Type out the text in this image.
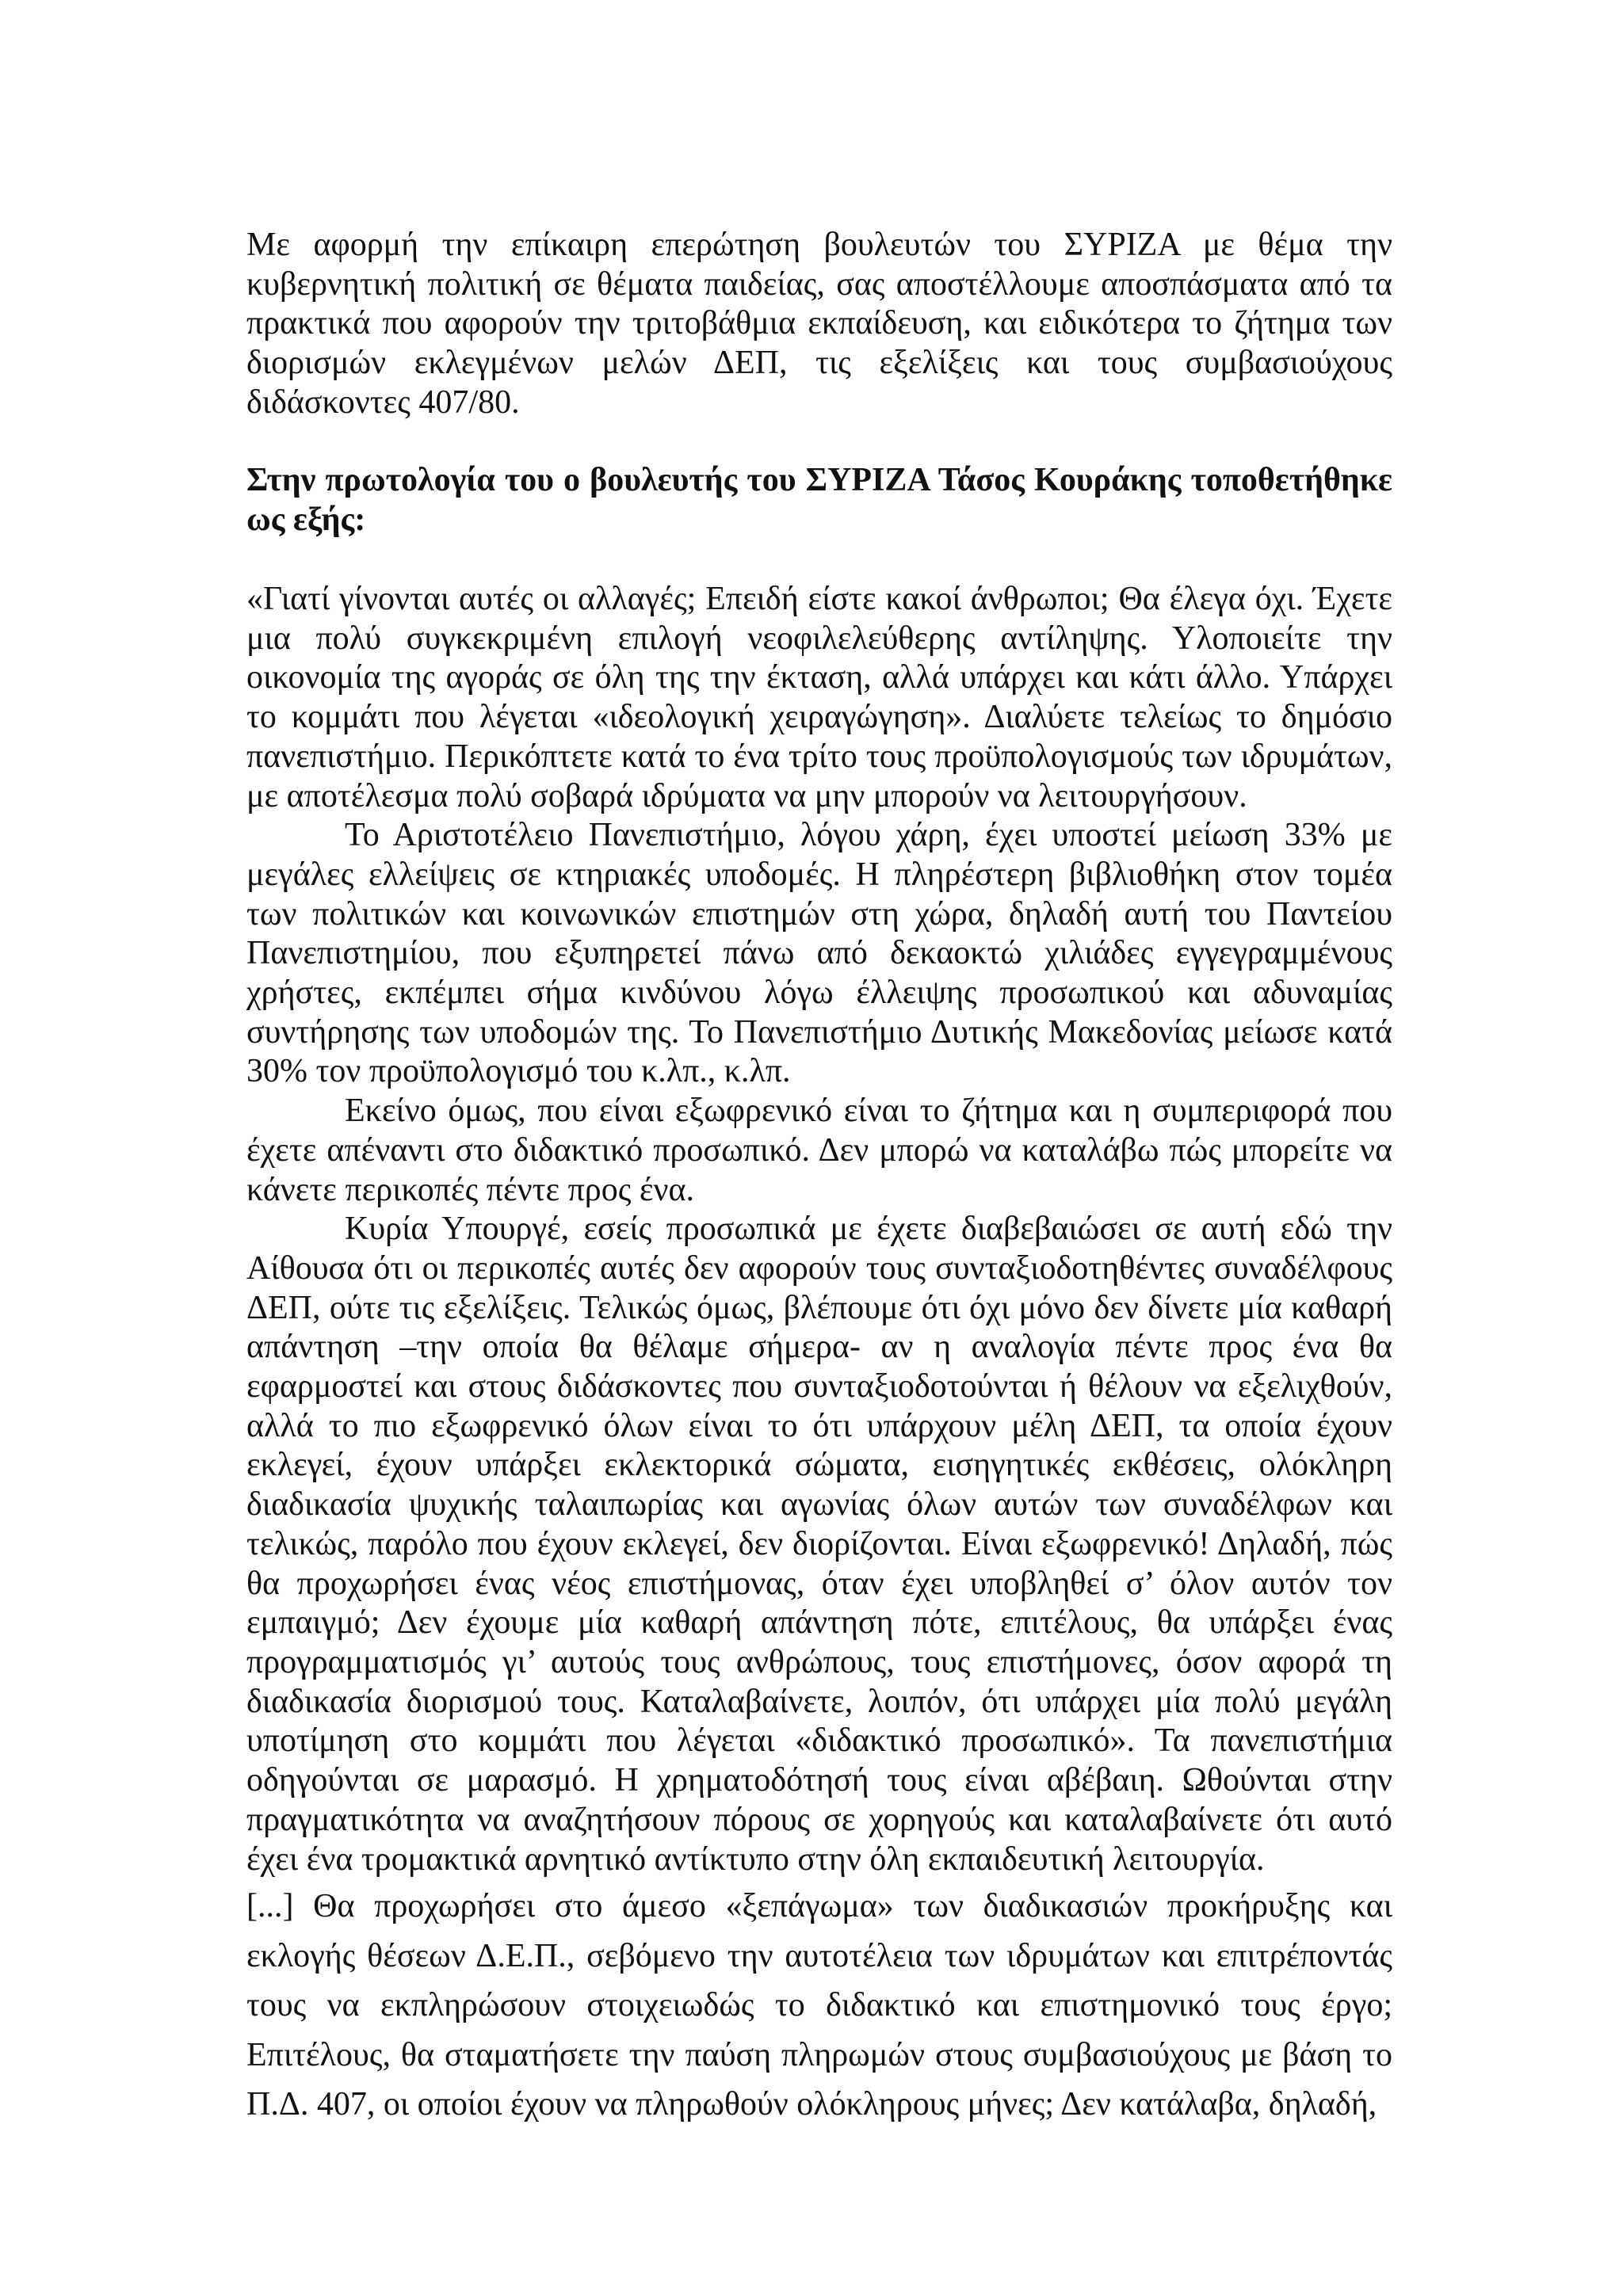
Με αφορμή την επίκαιρη επερώτηση βουλευτών του ΣΥΡΙΖΑ με θέμα την κυβερνητική πολιτική σε θέματα παιδείας, σας αποστέλλουμε αποσπάσματα από τα πρακτικά που αφορούν την τριτοβάθμια εκπαίδευση, και ειδικότερα το ζήτημα των διορισμών εκλεγμένων μελών ΔΕΠ, τις εξελίξεις και τους συμβασιούχους διδάσκοντες 407/80.

Στην πρωτολογία του ο βουλευτής του ΣΥΡΙΖΑ Τάσος Κουράκης τοποθετήθηκε ως εξής:

«Γιατί γίνονται αυτές οι αλλαγές; Επειδή είστε κακοί άνθρωποι; Θα έλεγα όχι. Έχετε μια πολύ συγκεκριμένη επιλογή νεοφιλελεύθερης αντίληψης. Υλοποιείτε την οικονομία της αγοράς σε όλη της την έκταση, αλλά υπάρχει και κάτι άλλο. Υπάρχει το κομμάτι που λέγεται «ιδεολογική χειραγώγηση». Διαλύετε τελείως το δημόσιο πανεπιστήμιο. Περικόπτετε κατά το ένα τρίτο τους προϋπολογισμούς των ιδρυμάτων, με αποτέλεσμα πολύ σοβαρά ιδρύματα να μην μπορούν να λειτουργήσουν.

Το Αριστοτέλειο Πανεπιστήμιο, λόγου χάρη, έχει υποστεί μείωση 33% με μεγάλες ελλείψεις σε κτηριακές υποδομές. Η πληρέστερη βιβλιοθήκη στον τομέα των πολιτικών και κοινωνικών επιστημών στη χώρα, δηλαδή αυτή του Παντείου Πανεπιστημίου, που εξυπηρετεί πάνω από δεκαοκτώ χιλιάδες εγγεγραμμένους χρήστες, εκπέμπει σήμα κινδύνου λόγω έλλειψης προσωπικού και αδυναμίας συντήρησης των υποδομών της. Το Πανεπιστήμιο Δυτικής Μακεδονίας μείωσε κατά 30% τον προϋπολογισμό του κ.λπ., κ.λπ.

Εκείνο όμως, που είναι εξωφρενικό είναι το ζήτημα και η συμπεριφορά που έχετε απέναντι στο διδακτικό προσωπικό. Δεν μπορώ να καταλάβω πώς μπορείτε να κάνετε περικοπές πέντε προς ένα.

Κυρία Υπουργέ, εσείς προσωπικά με έχετε διαβεβαιώσει σε αυτή εδώ την Αίθουσα ότι οι περικοπές αυτές δεν αφορούν τους συνταξιοδοτηθέντες συναδέλφους ΔΕΠ, ούτε τις εξελίξεις. Τελικώς όμως, βλέπουμε ότι όχι μόνο δεν δίνετε μία καθαρή απάντηση –την οποία θα θέλαμε σήμερα- αν η αναλογία πέντε προς ένα θα εφαρμοστεί και στους διδάσκοντες που συνταξιοδοτούνται ή θέλουν να εξελιχθούν, αλλά το πιο εξωφρενικό όλων είναι το ότι υπάρχουν μέλη ΔΕΠ, τα οποία έχουν εκλεγεί, έχουν υπάρξει εκλεκτορικά σώματα, εισηγητικές εκθέσεις, ολόκληρη διαδικασία ψυχικής ταλαιπωρίας και αγωνίας όλων αυτών των συναδέλφων και τελικώς, παρόλο που έχουν εκλεγεί, δεν διορίζονται. Είναι εξωφρενικό! Δηλαδή, πώς θα προχωρήσει ένας νέος επιστήμονας, όταν έχει υποβληθεί σ’ όλον αυτόν τον εμπαιγμό; Δεν έχουμε μία καθαρή απάντηση πότε, επιτέλους, θα υπάρξει ένας προγραμματισμός γι’ αυτούς τους ανθρώπους, τους επιστήμονες, όσον αφορά τη διαδικασία διορισμού τους. Καταλαβαίνετε, λοιπόν, ότι υπάρχει μία πολύ μεγάλη υποτίμηση στο κομμάτι που λέγεται «διδακτικό προσωπικό». Τα πανεπιστήμια οδηγούνται σε μαρασμό. Η χρηματοδότησή τους είναι αβέβαιη. Ωθούνται στην πραγματικότητα να αναζητήσουν πόρους σε χορηγούς και καταλαβαίνετε ότι αυτό έχει ένα τρομακτικά αρνητικό αντίκτυπο στην όλη εκπαιδευτική λειτουργία.

[...] Θα προχωρήσει στο άμεσο «ξεπάγωμα» των διαδικασιών προκήρυξης και εκλογής θέσεων Δ.Ε.Π., σεβόμενο την αυτοτέλεια των ιδρυμάτων και επιτρέποντάς τους να εκπληρώσουν στοιχειωδώς το διδακτικό και επιστημονικό τους έργο; Επιτέλους, θα σταματήσετε την παύση πληρωμών στους συμβασιούχους με βάση το Π.Δ. 407, οι οποίοι έχουν να πληρωθούν ολόκληρους μήνες; Δεν κατάλαβα, δηλαδή,
